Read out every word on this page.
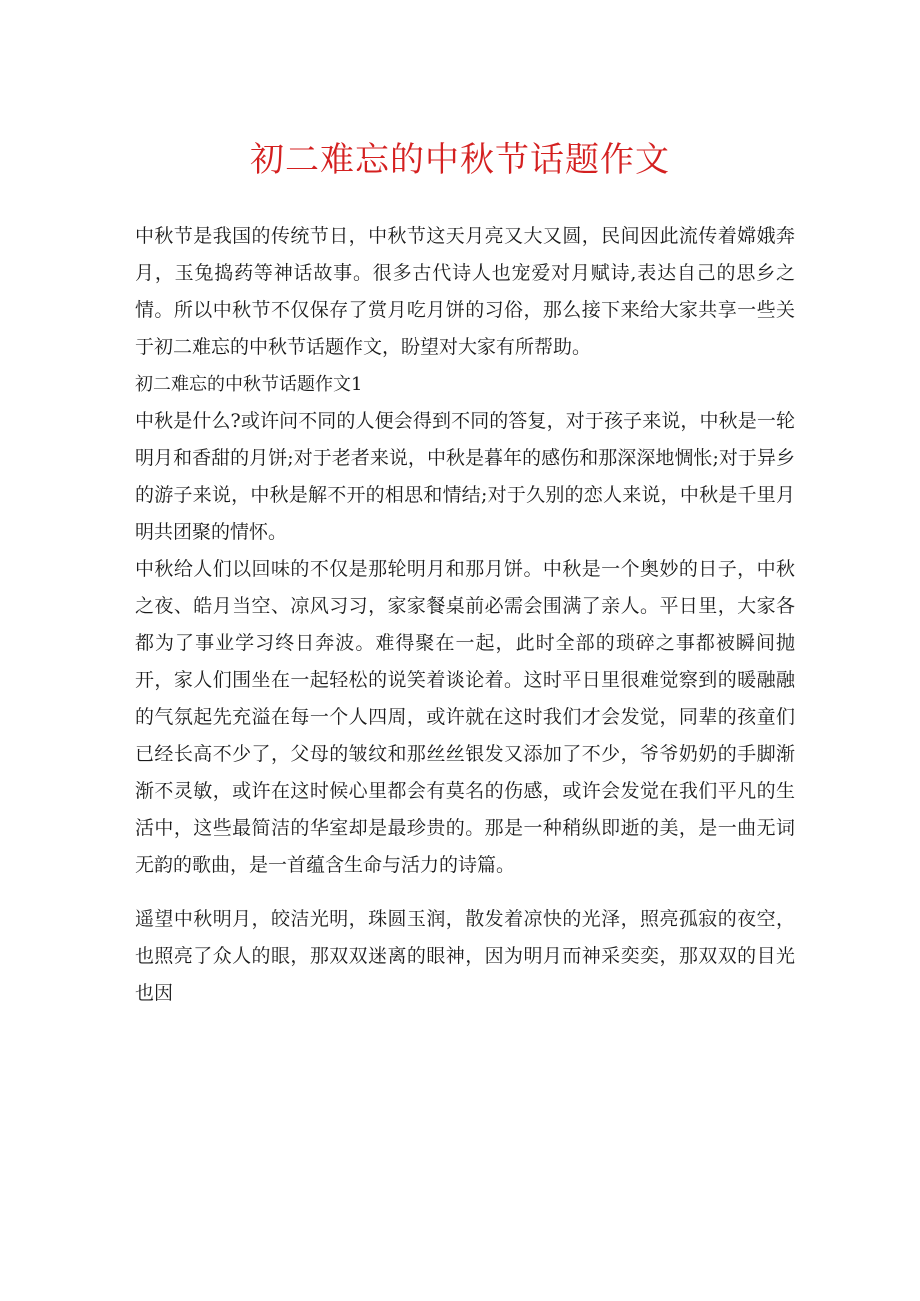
初二难忘的中秋节话题作文

中秋节是我国的传统节日，中秋节这天月亮又大又圆，民间因此流传着嫦娥奔月，玉兔捣药等神话故事。很多古代诗人也宠爱对月赋诗,表达自己的思乡之情。所以中秋节不仅保存了赏月吃月饼的习俗，那么接下来给大家共享一些关于初二难忘的中秋节话题作文，盼望对大家有所帮助。

初二难忘的中秋节话题作文1

中秋是什么?或许问不同的人便会得到不同的答复，对于孩子来说，中秋是一轮明月和香甜的月饼;对于老者来说，中秋是暮年的感伤和那深深地惆怅;对于异乡的游子来说，中秋是解不开的相思和情结;对于久别的恋人来说，中秋是千里月明共团聚的情怀。

中秋给人们以回味的不仅是那轮明月和那月饼。中秋是一个奥妙的日子，中秋之夜、皓月当空、凉风习习，家家餐桌前必需会围满了亲人。平日里，大家各都为了事业学习终日奔波。难得聚在一起，此时全部的琐碎之事都被瞬间抛开，家人们围坐在一起轻松的说笑着谈论着。这时平日里很难觉察到的暖融融的气氛起先充溢在每一个人四周，或许就在这时我们才会发觉，同辈的孩童们已经长高不少了，父母的皱纹和那丝丝银发又添加了不少，爷爷奶奶的手脚渐渐不灵敏，或许在这时候心里都会有莫名的伤感，或许会发觉在我们平凡的生活中，这些最简洁的华室却是最珍贵的。那是一种稍纵即逝的美，是一曲无词无韵的歌曲，是一首蕴含生命与活力的诗篇。

遥望中秋明月，皎洁光明，珠圆玉润，散发着凉快的光泽，照亮孤寂的夜空，也照亮了众人的眼，那双双迷离的眼神，因为明月而神采奕奕，那双双的目光也因
